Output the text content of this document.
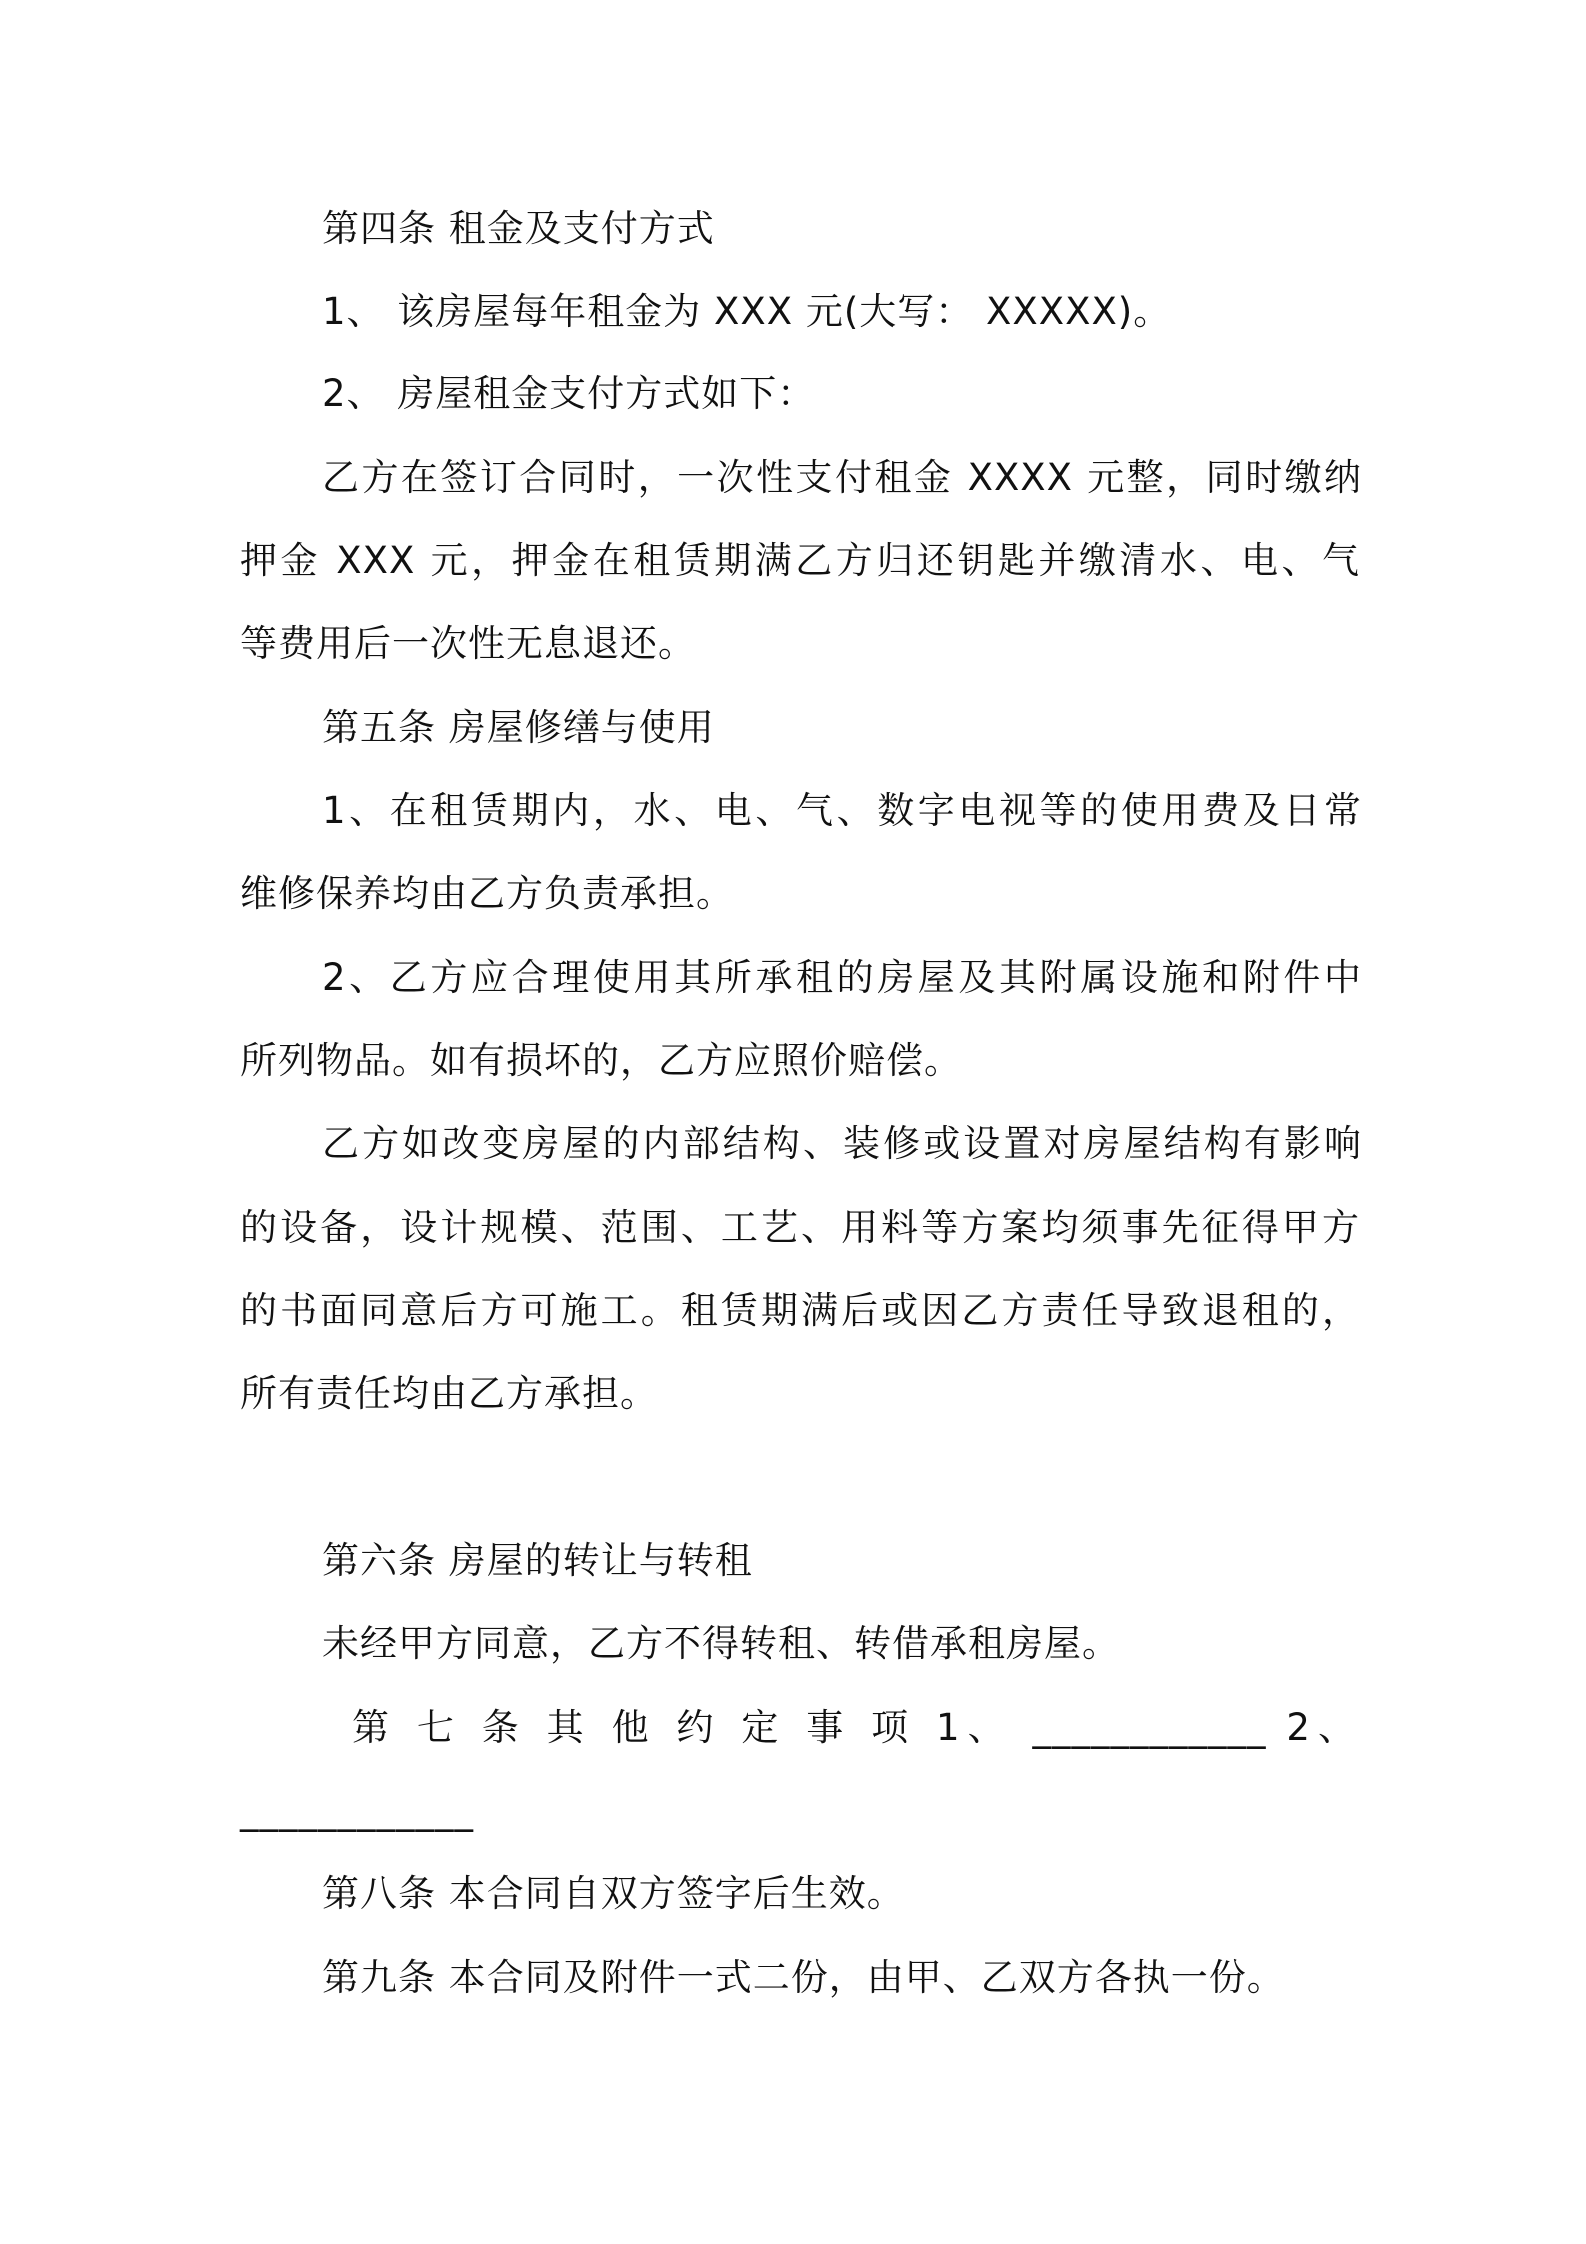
第四条 租金及支付方式
1、 该房屋每年租金为 XXX 元(大写： XXXXX)。
2、 房屋租金支付方式如下：
乙方在签订合同时，一次性支付租金 XXXX 元整，同时缴纳
押金 XXX 元，押金在租赁期满乙方归还钥匙并缴清水、电、气
等费用后一次性无息退还。
第五条 房屋修缮与使用
1、在租赁期内，水、电、气、数字电视等的使用费及日常
维修保养均由乙方负责承担。
2、乙方应合理使用其所承租的房屋及其附属设施和附件中
所列物品。如有损坏的，乙方应照价赔偿。
乙方如改变房屋的内部结构、装修或设置对房屋结构有影响
的设备，设计规模、范围、工艺、用料等方案均须事先征得甲方
的书面同意后方可施工。租赁期满后或因乙方责任导致退租的，
所有责任均由乙方承担。
第六条 房屋的转让与转租
未经甲方同意，乙方不得转租、转借承租房屋。
第 七 条 其 他 约 定 事 项 1、 ____________ 2、
____________
第八条 本合同自双方签字后生效。
第九条 本合同及附件一式二份，由甲、乙双方各执一份。
